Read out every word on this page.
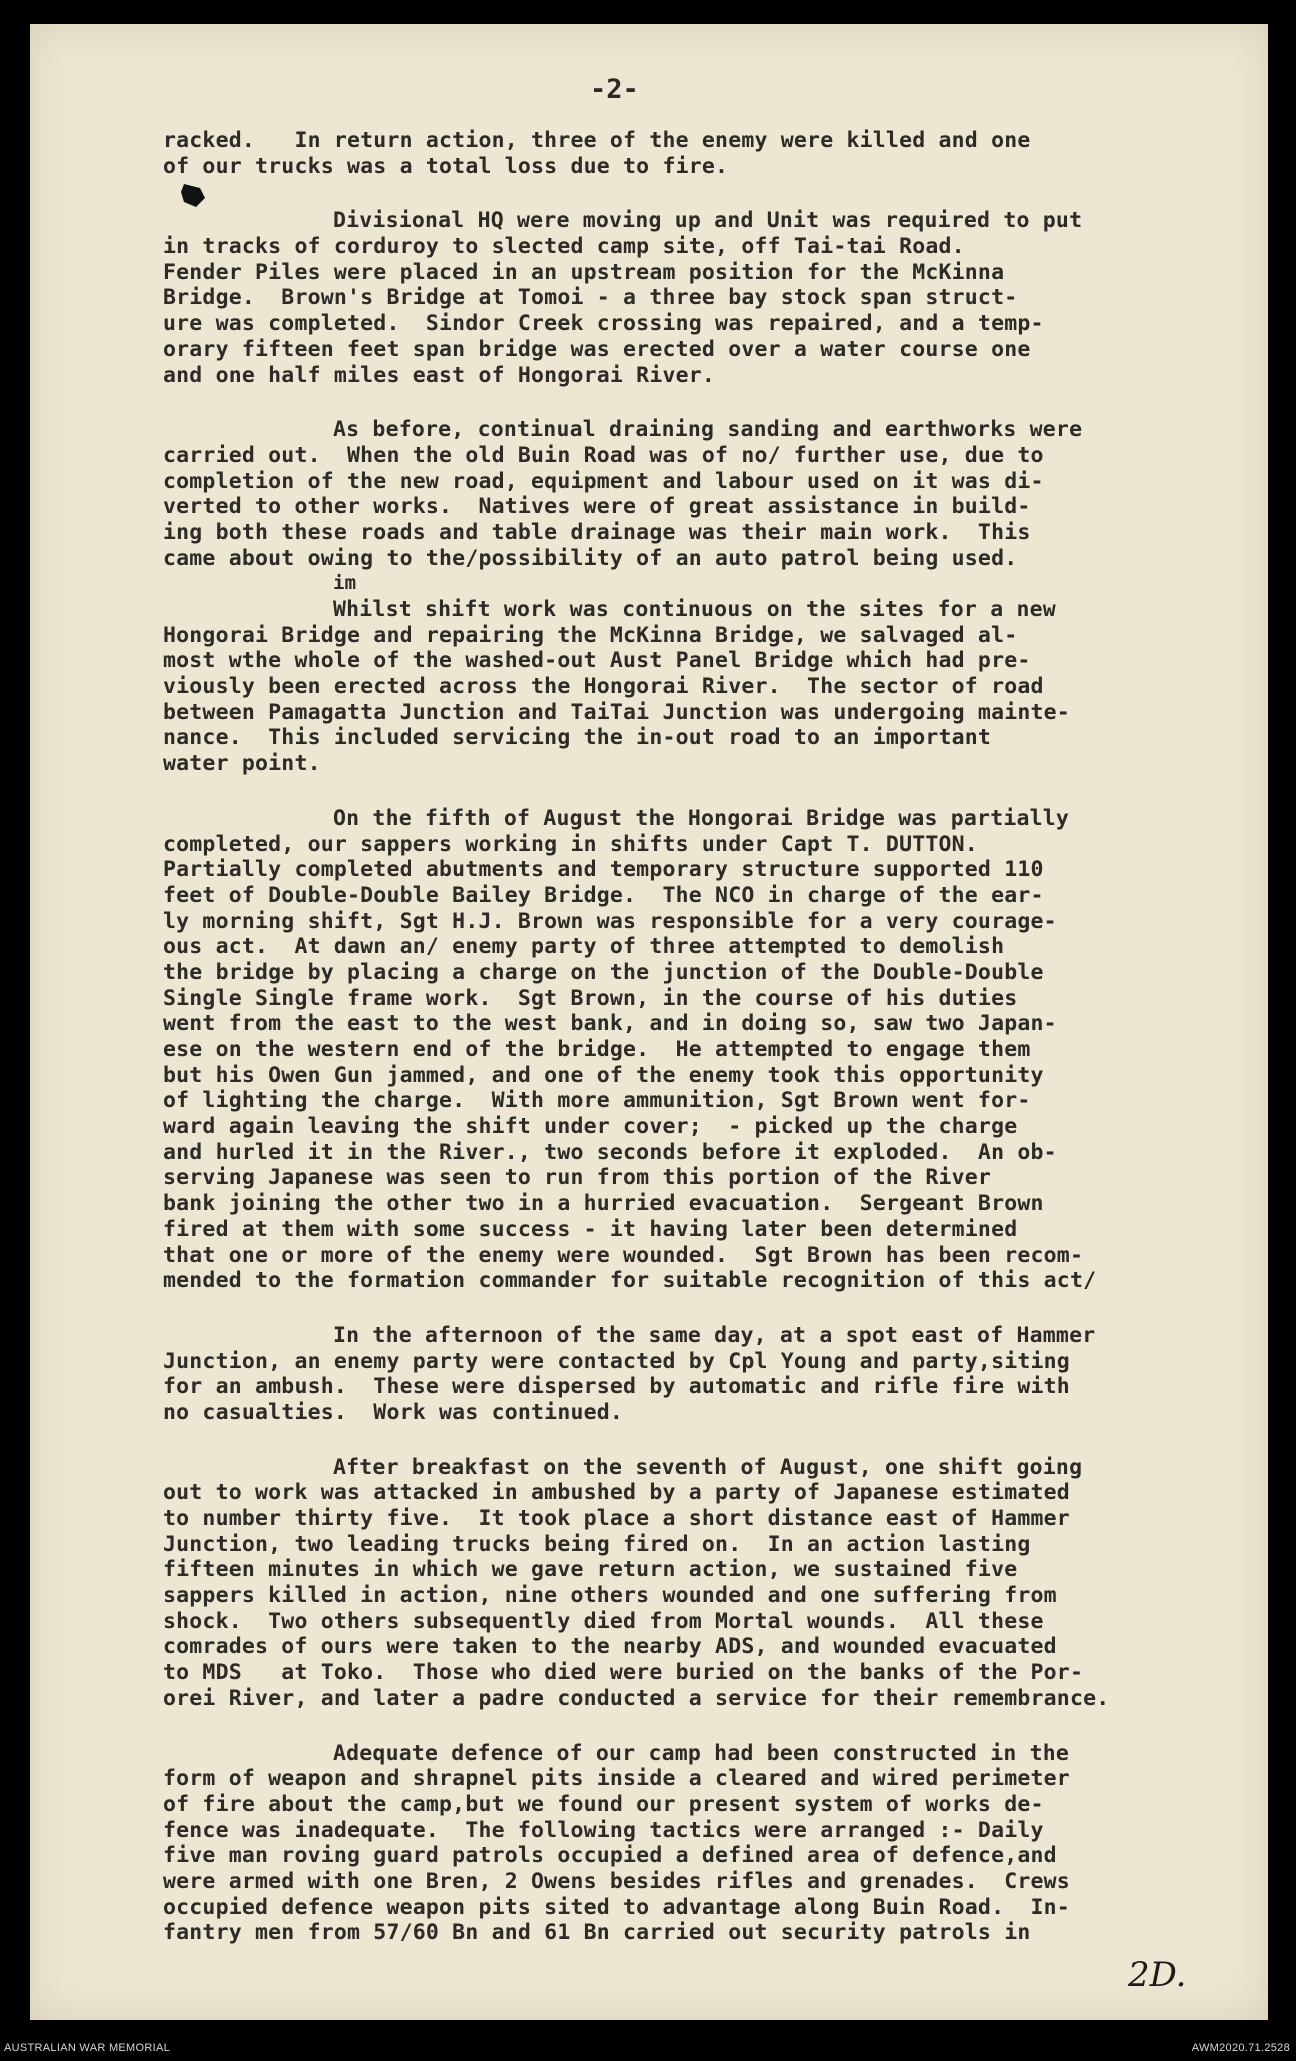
-2-
racked.   In return action, three of the enemy were killed and one
of our trucks was a total loss due to fire.
Divisional HQ were moving up and Unit was required to put
in tracks of corduroy to slected camp site, off Tai-tai Road.
Fender Piles were placed in an upstream position for the McKinna
Bridge.  Brown's Bridge at Tomoi - a three bay stock span struct-
ure was completed.  Sindor Creek crossing was repaired, and a temp-
orary fifteen feet span bridge was erected over a water course one
and one half miles east of Hongorai River.
As before, continual draining sanding and earthworks were
carried out.  When the old Buin Road was of no/ further use, due to
completion of the new road, equipment and labour used on it was di-
verted to other works.  Natives were of great assistance in build-
ing both these roads and table drainage was their main work.  This
came about owing to the/possibility of an auto patrol being used.
im
Whilst shift work was continuous on the sites for a new
Hongorai Bridge and repairing the McKinna Bridge, we salvaged al-
most wthe whole of the washed-out Aust Panel Bridge which had pre-
viously been erected across the Hongorai River.  The sector of road
between Pamagatta Junction and TaiTai Junction was undergoing mainte-
nance.  This included servicing the in-out road to an important
water point.
On the fifth of August the Hongorai Bridge was partially
completed, our sappers working in shifts under Capt T. DUTTON.
Partially completed abutments and temporary structure supported 110
feet of Double-Double Bailey Bridge.  The NCO in charge of the ear-
ly morning shift, Sgt H.J. Brown was responsible for a very courage-
ous act.  At dawn an/ enemy party of three attempted to demolish
the bridge by placing a charge on the junction of the Double-Double
Single Single frame work.  Sgt Brown, in the course of his duties
went from the east to the west bank, and in doing so, saw two Japan-
ese on the western end of the bridge.  He attempted to engage them
but his Owen Gun jammed, and one of the enemy took this opportunity
of lighting the charge.  With more ammunition, Sgt Brown went for-
ward again leaving the shift under cover;  - picked up the charge
and hurled it in the River., two seconds before it exploded.  An ob-
serving Japanese was seen to run from this portion of the River
bank joining the other two in a hurried evacuation.  Sergeant Brown
fired at them with some success - it having later been determined
that one or more of the enemy were wounded.  Sgt Brown has been recom-
mended to the formation commander for suitable recognition of this act/
In the afternoon of the same day, at a spot east of Hammer
Junction, an enemy party were contacted by Cpl Young and party,siting
for an ambush.  These were dispersed by automatic and rifle fire with
no casualties.  Work was continued.
After breakfast on the seventh of August, one shift going
out to work was attacked in ambushed by a party of Japanese estimated
to number thirty five.  It took place a short distance east of Hammer
Junction, two leading trucks being fired on.  In an action lasting
fifteen minutes in which we gave return action, we sustained five
sappers killed in action, nine others wounded and one suffering from
shock.  Two others subsequently died from Mortal wounds.  All these
comrades of ours were taken to the nearby ADS, and wounded evacuated
to MDS   at Toko.  Those who died were buried on the banks of the Por-
orei River, and later a padre conducted a service for their remembrance.
Adequate defence of our camp had been constructed in the
form of weapon and shrapnel pits inside a cleared and wired perimeter
of fire about the camp,but we found our present system of works de-
fence was inadequate.  The following tactics were arranged :- Daily
five man roving guard patrols occupied a defined area of defence,and
were armed with one Bren, 2 Owens besides rifles and grenades.  Crews
occupied defence weapon pits sited to advantage along Buin Road.  In-
fantry men from 57/60 Bn and 61 Bn carried out security patrols in
2D.
AUSTRALIAN WAR MEMORIAL	AWM2020.71.2528
